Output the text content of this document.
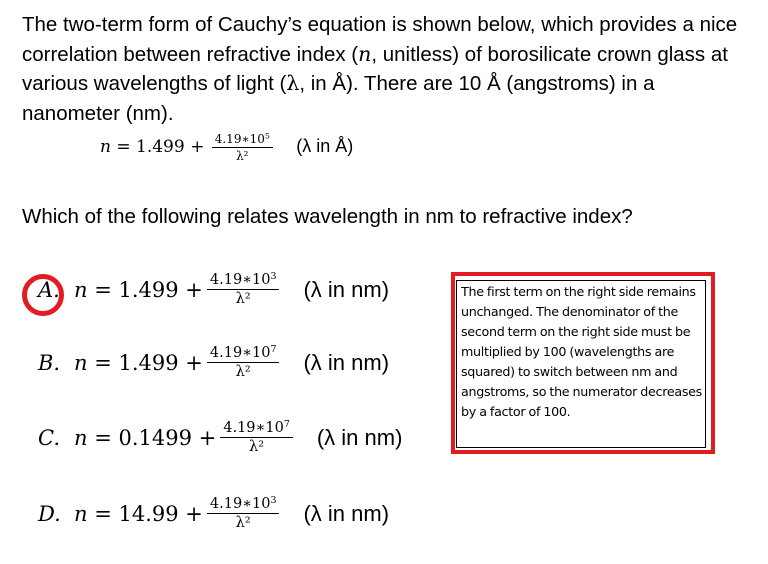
The two-term form of Cauchy’s equation is shown below, which provides a nice correlation between refractive index (n, unitless) of borosilicate crown glass at various wavelengths of light (λ, in Å). There are 10 Å (angstroms) in a nanometer (nm).
$n = 1.499 + \frac{4.19∗10^5}{\text{λ²}} (\lambda$ in Å)
Which of the following relates wavelength in nm to refractive index?
A. n
= $1.499 + \frac{4.19∗10^3}{\text{λ²}} (\lambda$ in nm)
B. n
= $1.499 + \frac{4.19∗10^7}{\text{λ²}} (\lambda$ in nm)
C. n
= $0.1499 + \frac{4.19∗10^7}{\text{λ²}} (\lambda$ in nm)
D. n
= $14.99 + \frac{4.19∗10^3}{\text{λ²}} (\lambda$ in nm)
The first term on the right side remains unchanged. The denominator of the second term on the right side must be multiplied by 100 (wavelengths are squared) to switch between nm and angstroms, so the numerator decreases by a factor of 100.
